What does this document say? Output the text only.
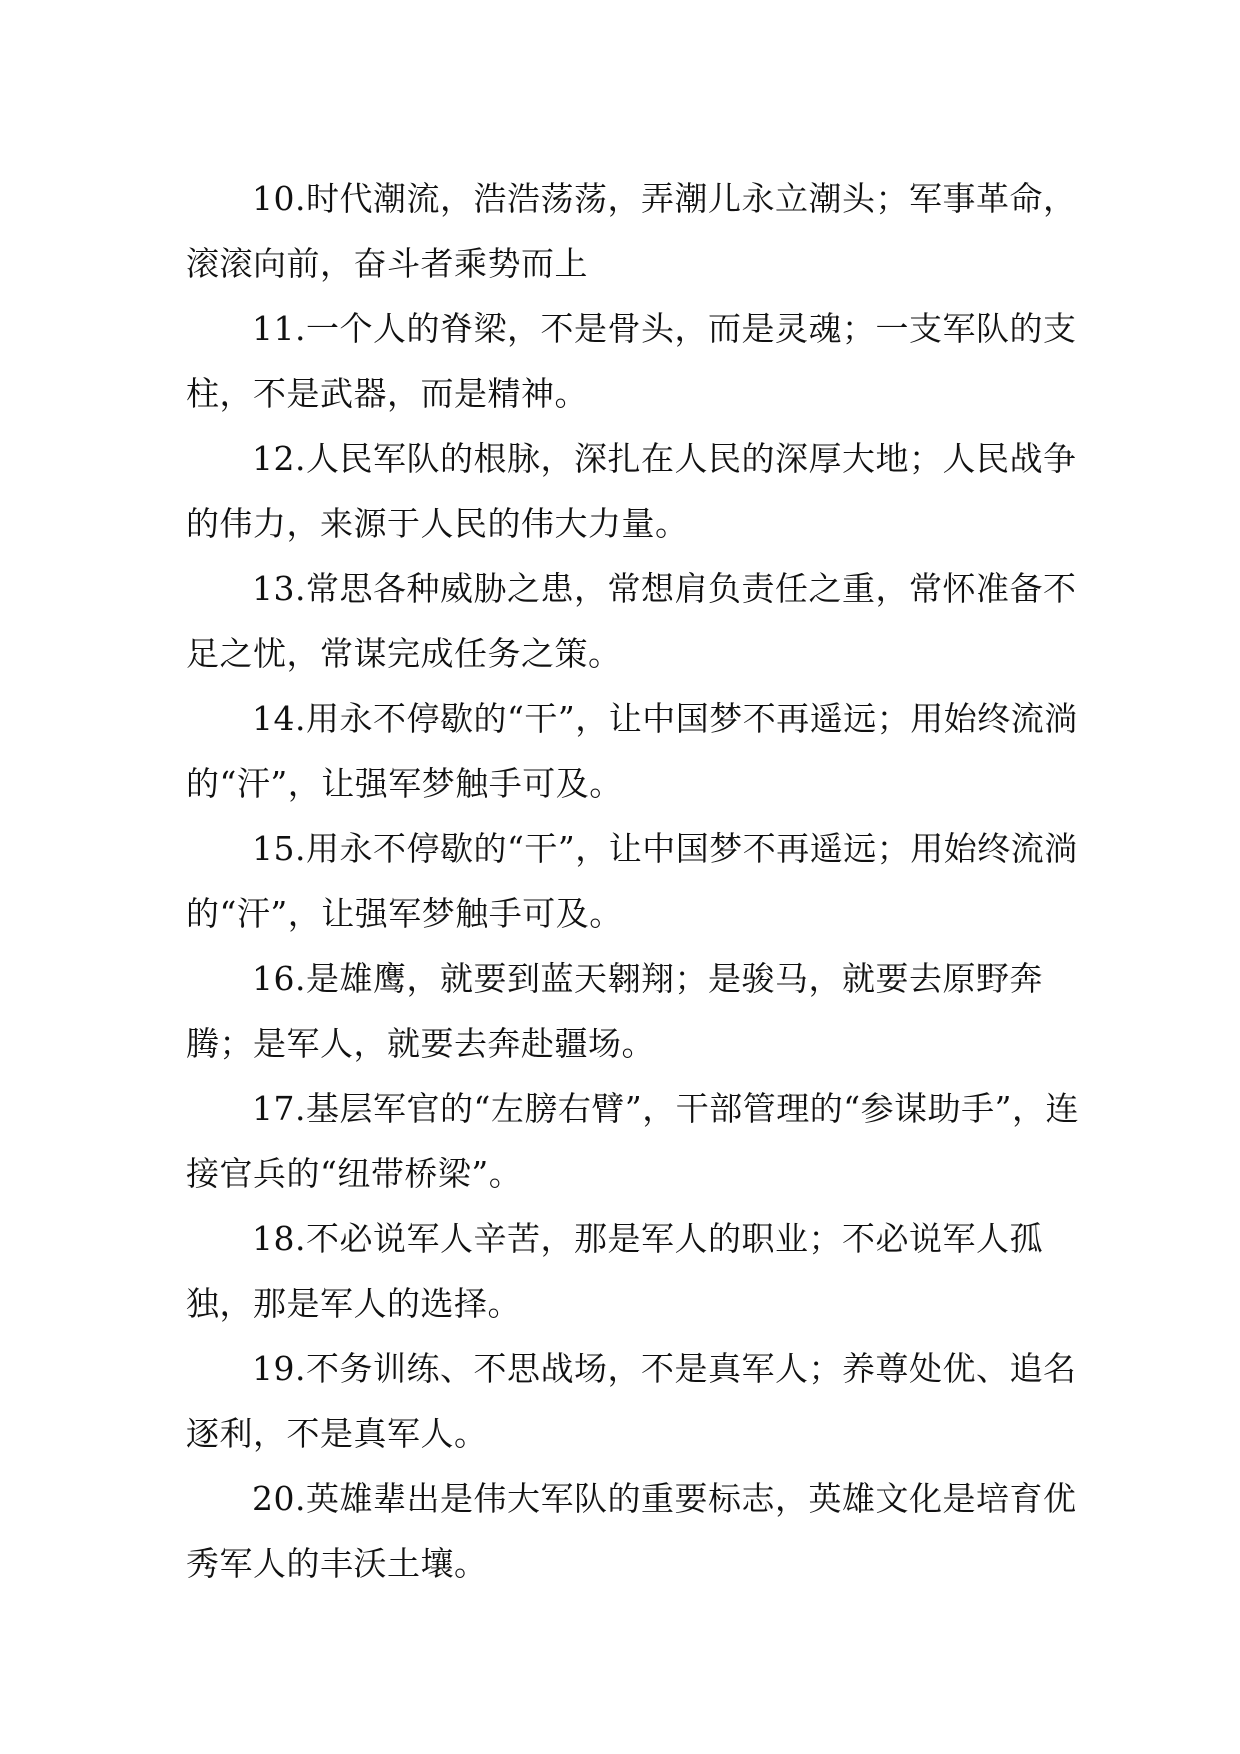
10.时代潮流，浩浩荡荡，弄潮儿永立潮头；军事革命，滚滚向前，奋斗者乘势而上

11.一个人的脊梁，不是骨头，而是灵魂；一支军队的支柱，不是武器，而是精神。

12.人民军队的根脉，深扎在人民的深厚大地；人民战争的伟力，来源于人民的伟大力量。

13.常思各种威胁之患，常想肩负责任之重，常怀准备不足之忧，常谋完成任务之策。

14.用永不停歇的“干”，让中国梦不再遥远；用始终流淌的“汗”，让强军梦触手可及。

15.用永不停歇的“干”，让中国梦不再遥远；用始终流淌的“汗”，让强军梦触手可及。

16.是雄鹰，就要到蓝天翱翔；是骏马，就要去原野奔腾；是军人，就要去奔赴疆场。

17.基层军官的“左膀右臂”，干部管理的“参谋助手”，连接官兵的“纽带桥梁”。

18.不必说军人辛苦，那是军人的职业；不必说军人孤独，那是军人的选择。

19.不务训练、不思战场，不是真军人；养尊处优、追名逐利，不是真军人。

20.英雄辈出是伟大军队的重要标志，英雄文化是培育优秀军人的丰沃土壤。
